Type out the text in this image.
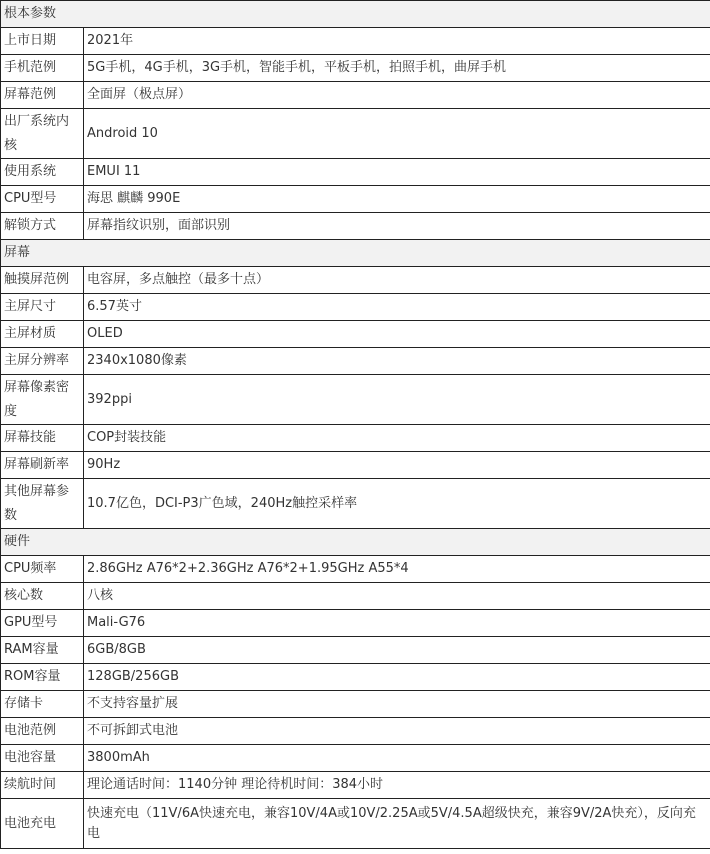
根本参数	
上市日期	2021年
手机范例	5G手机，4G手机，3G手机，智能手机，平板手机，拍照手机，曲屏手机
屏幕范例	全面屏（极点屏）
出厂系统内核	Android 10
使用系统	EMUI 11
CPU型号	海思 麒麟 990E
解锁方式	屏幕指纹识别，面部识别
屏幕	
触摸屏范例	电容屏，多点触控（最多十点）
主屏尺寸	6.57英寸
主屏材质	OLED
主屏分辨率	2340x1080像素
屏幕像素密度	392ppi
屏幕技能	COP封装技能
屏幕刷新率	90Hz
其他屏幕参数	10.7亿色，DCI-P3广色域，240Hz触控采样率
硬件	
CPU频率	2.86GHz A76*2+2.36GHz A76*2+1.95GHz A55*4
核心数	八核
GPU型号	Mali-G76
RAM容量	6GB/8GB
ROM容量	128GB/256GB
存储卡	不支持容量扩展
电池范例	不可拆卸式电池
电池容量	3800mAh
续航时间	理论通话时间：1140分钟 理论待机时间：384小时
电池充电	快速充电（11V/6A快速充电，兼容10V/4A或10V/2.25A或5V/4.5A超级快充，兼容9V/2A快充），反向充电
